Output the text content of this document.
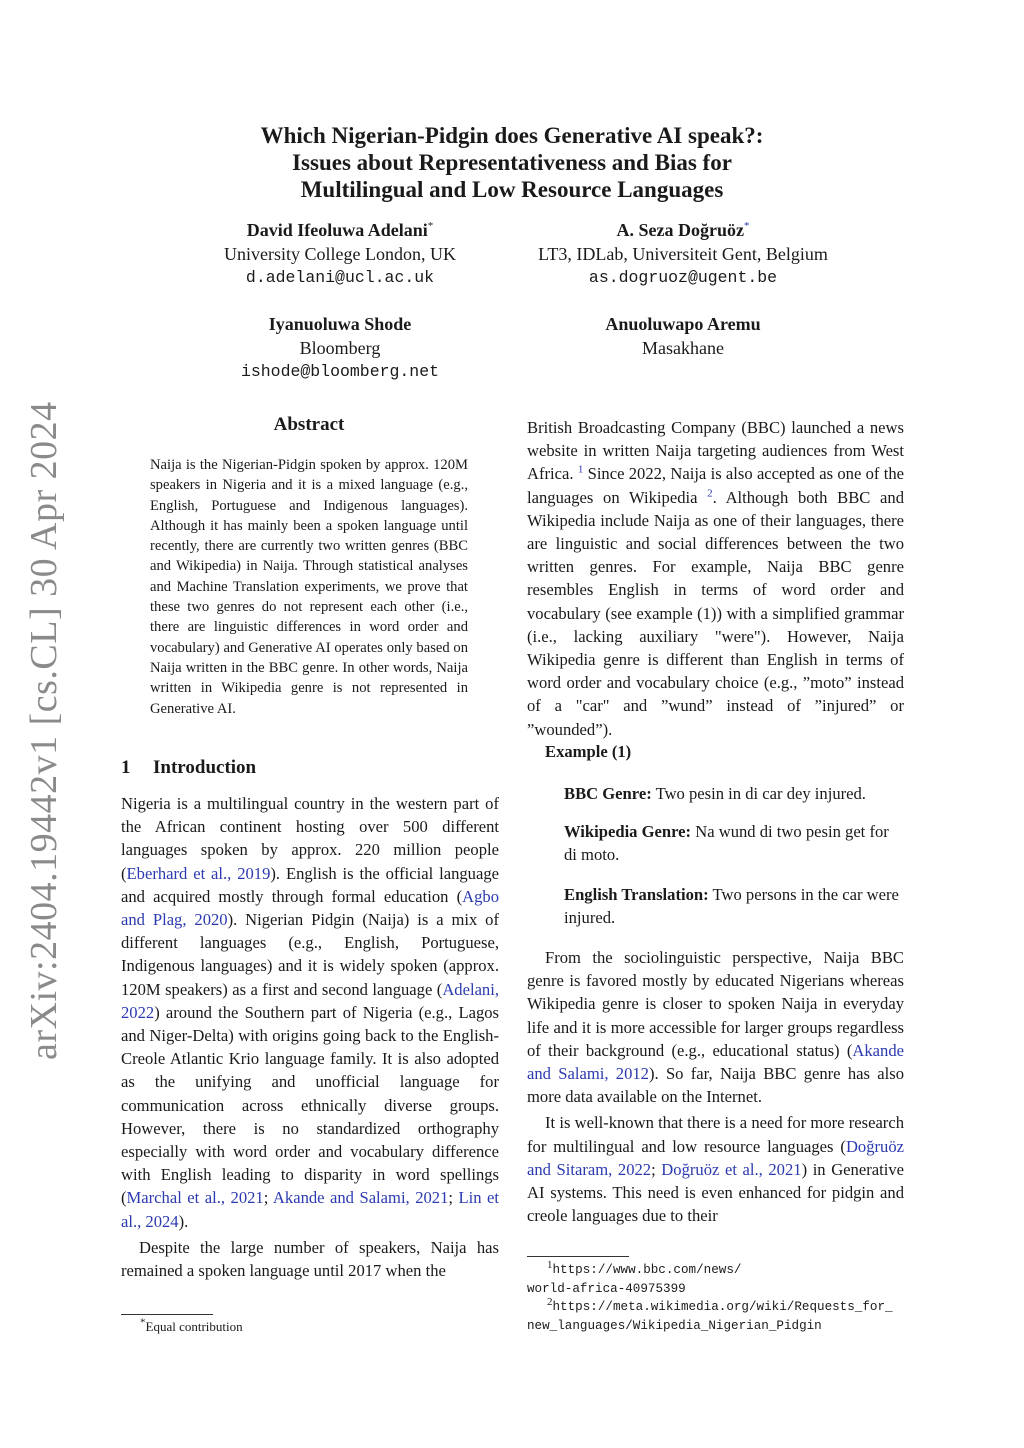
arXiv:2404.19442v1 [cs.CL] 30 Apr 2024
Which Nigerian-Pidgin does Generative AI speak?:
Issues about Representativeness and Bias for
Multilingual and Low Resource Languages
David Ifeoluwa Adelani*
University College London, UK
d.adelani@ucl.ac.uk
A. Seza Doğruöz*
LT3, IDLab, Universiteit Gent, Belgium
as.dogruoz@ugent.be
Iyanuoluwa Shode
Bloomberg
ishode@bloomberg.net
Anuoluwapo Aremu
Masakhane
Abstract

Naija is the Nigerian-Pidgin spoken by approx. 120M speakers in Nigeria and it is a mixed language (e.g., English, Portuguese and Indigenous languages). Although it has mainly been a spoken language until recently, there are currently two written genres (BBC and Wikipedia) in Naija. Through statistical analyses and Machine Translation experiments, we prove that these two genres do not represent each other (i.e., there are linguistic differences in word order and vocabulary) and Generative AI operates only based on Naija written in the BBC genre. In other words, Naija written in Wikipedia genre is not represented in Generative AI.

1 Introduction

Nigeria is a multilingual country in the western part of the African continent hosting over 500 different languages spoken by approx. 220 million people (Eberhard et al., 2019). English is the official language and acquired mostly through formal education (Agbo and Plag, 2020). Nigerian Pidgin (Naija) is a mix of different languages (e.g., English, Portuguese, Indigenous languages) and it is widely spoken (approx. 120M speakers) as a first and second language (Adelani, 2022) around the Southern part of Nigeria (e.g., Lagos and Niger-Delta) with origins going back to the English-Creole Atlantic Krio language family. It is also adopted as the unifying and unofficial language for communication across ethnically diverse groups. However, there is no standardized orthography especially with word order and vocabulary difference with English leading to disparity in word spellings (Marchal et al., 2021; Akande and Salami, 2021; Lin et al., 2024).

Despite the large number of speakers, Naija has remained a spoken language until 2017 when the

*Equal contribution

British Broadcasting Company (BBC) launched a news website in written Naija targeting audiences from West Africa. $^1$ Since 2022, Naija is also accepted as one of the languages on Wikipedia $^2$. Although both BBC and Wikipedia include Naija as one of their languages, there are linguistic and social differences between the two written genres. For example, Naija BBC genre resembles English in terms of word order and vocabulary (see example (1)) with a simplified grammar (i.e., lacking auxiliary "were"). However, Naija Wikipedia genre is different than English in terms of word order and vocabulary choice (e.g., ”moto” instead of a "car" and ”wund” instead of ”injured” or ”wounded”).

Example (1)
BBC Genre: Two pesin in di car dey injured.
Wikipedia Genre: Na wund di two pesin get for di moto.
English Translation: Two persons in the car were injured.

From the sociolinguistic perspective, Naija BBC genre is favored mostly by educated Nigerians whereas Wikipedia genre is closer to spoken Naija in everyday life and it is more accessible for larger groups regardless of their background (e.g., educational status) (Akande and Salami, 2012). So far, Naija BBC genre has also more data available on the Internet.

It is well-known that there is a need for more research for multilingual and low resource languages (Doğruöz and Sitaram, 2022; Doğruöz et al., 2021) in Generative AI systems. This need is even enhanced for pidgin and creole languages due to their

1https://www.bbc.com/news/
world-africa-40975399
2https://meta.wikimedia.org/wiki/Requests_for_
new_languages/Wikipedia_Nigerian_Pidgin
